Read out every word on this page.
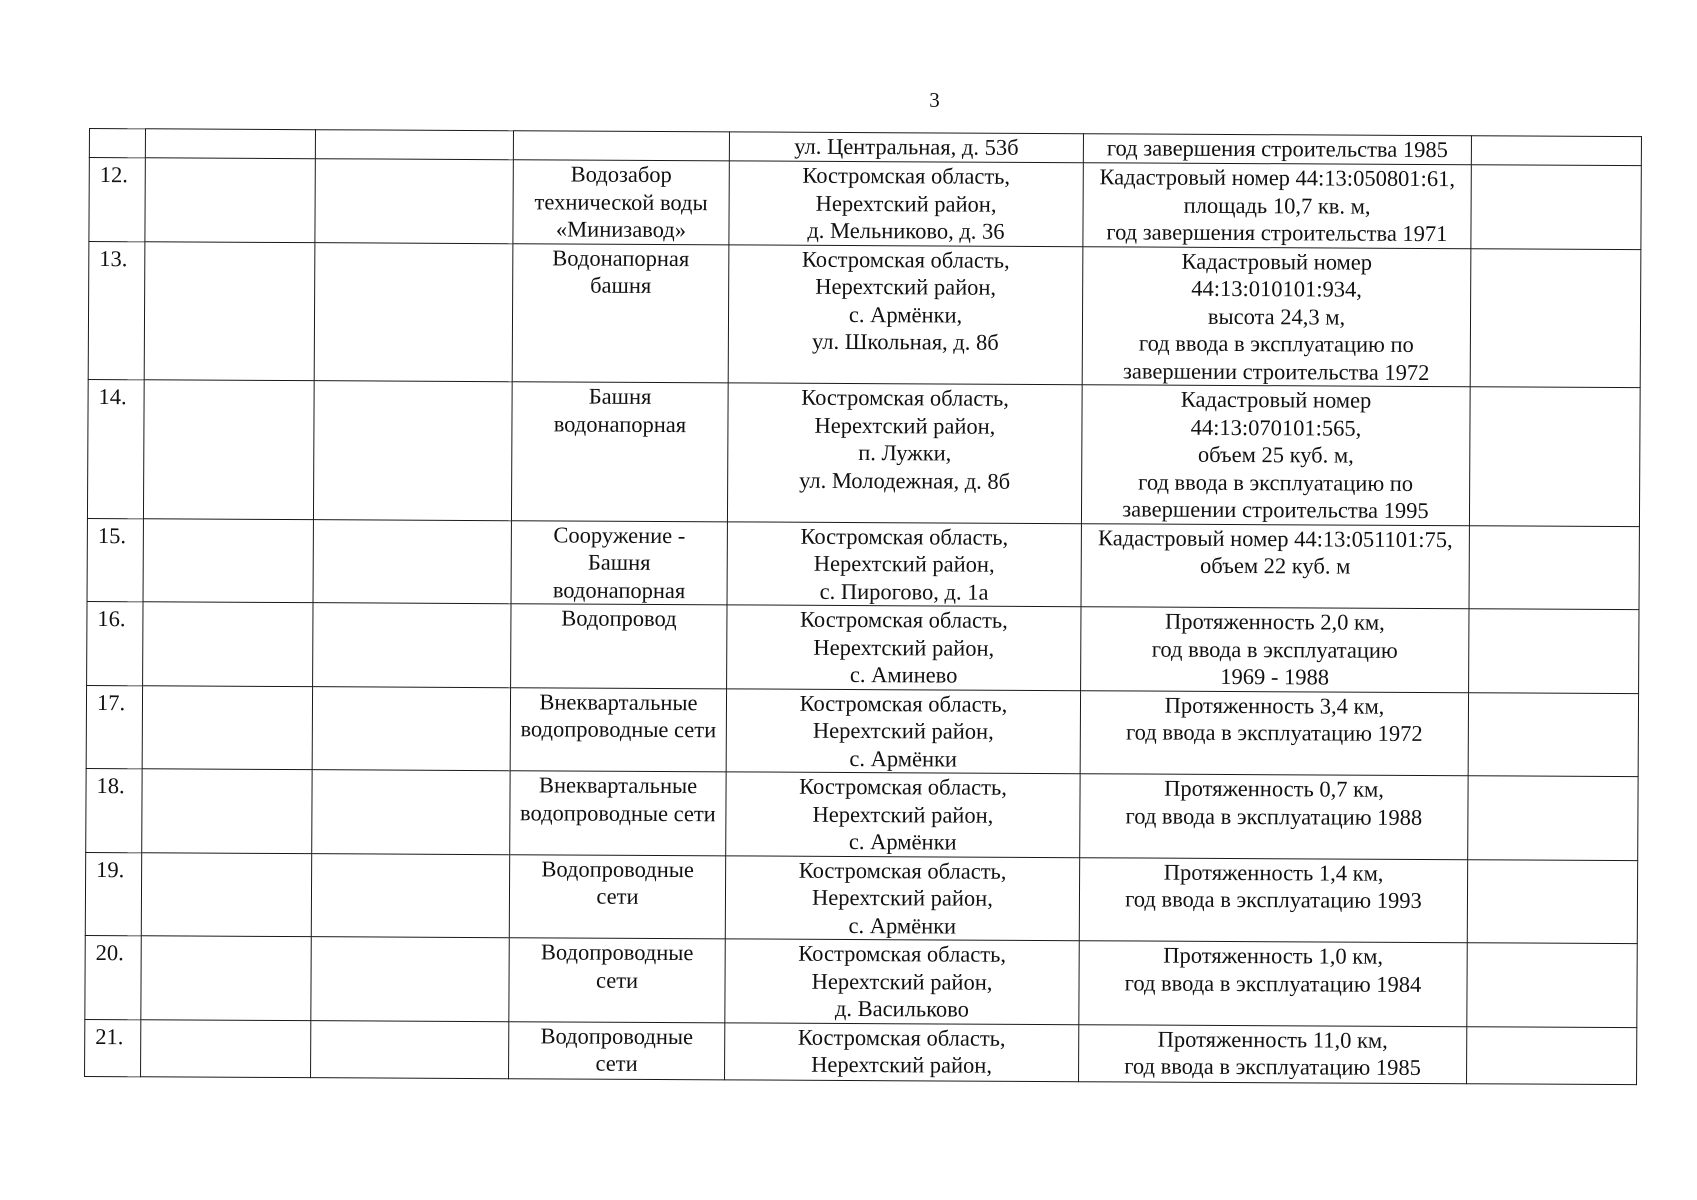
3
				ул. Центральная, д. 53б	год завершения строительства 1985	
12.			Водозабор
технической воды
«Минизавод»	Костромская область,
Нерехтский район,
д. Мельниково, д. 36	Кадастровый номер 44:13:050801:61,
площадь 10,7 кв. м,
год завершения строительства 1971	
13.			Водонапорная
башня	Костромская область,
Нерехтский район,
с. Армёнки,
ул. Школьная, д. 8б	Кадастровый номер
44:13:010101:934,
высота 24,3 м,
год ввода в эксплуатацию по
завершении строительства 1972	
14.			Башня
водонапорная	Костромская область,
Нерехтский район,
п. Лужки,
ул. Молодежная, д. 8б	Кадастровый номер
44:13:070101:565,
объем 25 куб. м,
год ввода в эксплуатацию по
завершении строительства 1995	
15.			Сооружение -
Башня
водонапорная	Костромская область,
Нерехтский район,
с. Пирогово, д. 1а	Кадастровый номер 44:13:051101:75,
объем 22 куб. м	
16.			Водопровод	Костромская область,
Нерехтский район,
с. Аминево	Протяженность 2,0 км,
год ввода в эксплуатацию
1969 - 1988	
17.			Внеквартальные
водопроводные сети	Костромская область,
Нерехтский район,
с. Армёнки	Протяженность 3,4 км,
год ввода в эксплуатацию 1972	
18.			Внеквартальные
водопроводные сети	Костромская область,
Нерехтский район,
с. Армёнки	Протяженность 0,7 км,
год ввода в эксплуатацию 1988	
19.			Водопроводные
сети	Костромская область,
Нерехтский район,
с. Армёнки	Протяженность 1,4 км,
год ввода в эксплуатацию 1993	
20.			Водопроводные
сети	Костромская область,
Нерехтский район,
д. Васильково	Протяженность 1,0 км,
год ввода в эксплуатацию 1984	
21.			Водопроводные
сети	Костромская область,
Нерехтский район,	Протяженность 11,0 км,
год ввода в эксплуатацию 1985	
